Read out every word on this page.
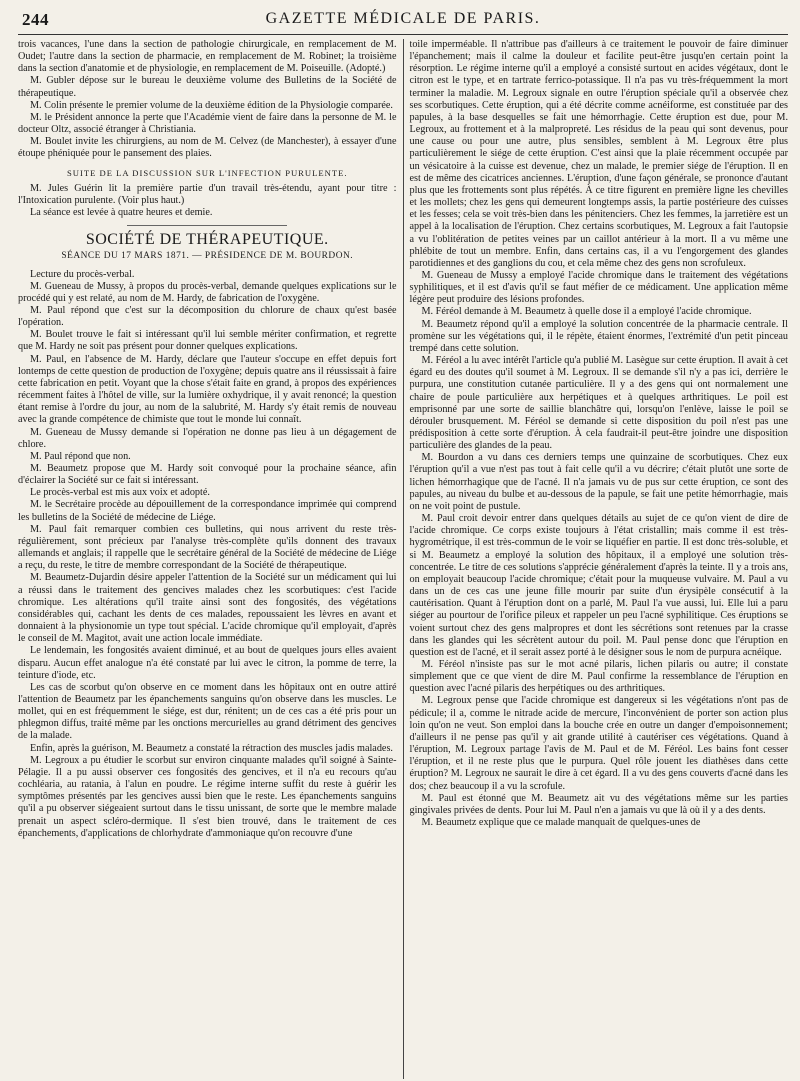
244	GAZETTE MÉDICALE DE PARIS.

trois vacances, l'une dans la section de pathologie chirurgicale, en remplacement de M. Oudet; l'autre dans la section de pharmacie, en remplacement de M. Robinet; la troisième dans la section d'anatomie et de physiologie, en remplacement de M. Poiseuille. (Adopté.)

M. Gubler dépose sur le bureau le deuxième volume des Bulletins de la Société de thérapeutique.

M. Colin présente le premier volume de la deuxième édition de la Physiologie comparée.

M. le Président annonce la perte que l'Académie vient de faire dans la personne de M. le docteur Oltz, associé étranger à Christiania.

M. Boulet invite les chirurgiens, au nom de M. Celvez (de Manchester), à essayer d'une étoupe phéniquée pour le pansement des plaies.

SUITE DE LA DISCUSSION SUR L'INFECTION PURULENTE.

M. Jules Guérin lit la première partie d'un travail très-étendu, ayant pour titre : l'Intoxication purulente. (Voir plus haut.)

La séance est levée à quatre heures et demie.

SOCIÉTÉ DE THÉRAPEUTIQUE.
SÉANCE DU 17 MARS 1871. — PRÉSIDENCE DE M. BOURDON.

Lecture du procès-verbal.

M. Gueneau de Mussy, à propos du procès-verbal, demande quelques explications sur le procédé qui y est relaté, au nom de M. Hardy, de fabrication de l'oxygène.

M. Paul répond que c'est sur la décomposition du chlorure de chaux qu'est basée l'opération.

M. Boulet trouve le fait si intéressant qu'il lui semble mériter confirmation, et regrette que M. Hardy ne soit pas présent pour donner quelques explications.

M. Paul, en l'absence de M. Hardy, déclare que l'auteur s'occupe en effet depuis fort lontemps de cette question de production de l'oxygène; depuis quatre ans il réussissait à faire cette fabrication en petit. Voyant que la chose s'était faite en grand, à propos des expériences récemment faites à l'hôtel de ville, sur la lumière oxhydrique, il y avait renoncé; la question étant remise à l'ordre du jour, au nom de la salubrité, M. Hardy s'y était remis de nouveau avec la grande compétence de chimiste que tout le monde lui connaît.

M. Gueneau de Mussy demande si l'opération ne donne pas lieu à un dégagement de chlore.

M. Paul répond que non.

M. Beaumetz propose que M. Hardy soit convoqué pour la prochaine séance, afin d'éclairer la Société sur ce fait si intéressant.

Le procès-verbal est mis aux voix et adopté.

M. le Secrétaire procède au dépouillement de la correspondance imprimée qui comprend les bulletins de la Société de médecine de Liége.

M. Paul fait remarquer combien ces bulletins, qui nous arrivent du reste très-régulièrement, sont précieux par l'analyse très-complète qu'ils donnent des travaux allemands et anglais; il rappelle que le secrétaire général de la Société de médecine de Liége a reçu, du reste, le titre de membre correspondant de la Société de thérapeutique.

M. Beaumetz-Dujardin désire appeler l'attention de la Société sur un médicament qui lui a réussi dans le traitement des gencives malades chez les scorbutiques: c'est l'acide chromique. Les altérations qu'il traite ainsi sont des fongosités, des végétations considérables qui, cachant les dents de ces malades, repoussaient les lèvres en avant et donnaient à la physionomie un type tout spécial. L'acide chromique qu'il employait, d'après le conseil de M. Magitot, avait une action locale immédiate.

Le lendemain, les fongosités avaient diminué, et au bout de quelques jours elles avaient disparu. Aucun effet analogue n'a été constaté par lui avec le citron, la pomme de terre, la teinture d'iode, etc.

Les cas de scorbut qu'on observe en ce moment dans les hôpitaux ont en outre attiré l'attention de Beaumetz par les épanchements sanguins qu'on observe dans les muscles. Le mollet, qui en est fréquemment le siége, est dur, rénitent; un de ces cas a été pris pour un phlegmon diffus, traité même par les onctions mercurielles au grand détriment des gencives de la malade.

Enfin, après la guérison, M. Beaumetz a constaté la rétraction des muscles jadis malades.

M. Legroux a pu étudier le scorbut sur environ cinquante malades qu'il soigné à Sainte-Pélagie. Il a pu aussi observer ces fongosités des gencives, et il n'a eu recours qu'au cochléaria, au ratania, à l'alun en poudre. Le régime interne suffit du reste à guérir les symptômes présentés par les gencives aussi bien que le reste. Les épanchements sanguins qu'il a pu observer siégeaient surtout dans le tissu unissant, de sorte que le membre malade prenait un aspect scléro-dermique. Il s'est bien trouvé, dans le traitement de ces épanchements, d'applications de chlorhydrate d'ammoniaque qu'on recouvre d'une

toile imperméable. Il n'attribue pas d'ailleurs à ce traitement le pouvoir de faire diminuer l'épanchement; mais il calme la douleur et facilite peut-être jusqu'en certain point la résorption. Le régime interne qu'il a employé a consisté surtout en acides végétaux, dont le citron est le type, et en tartrate ferrico-potassique. Il n'a pas vu très-fréquemment la mort terminer la maladie. M. Legroux signale en outre l'éruption spéciale qu'il a observée chez ses scorbutiques. Cette éruption, qui a été décrite comme acnéiforme, est constituée par des papules, à la base desquelles se fait une hémorrhagie. Cette éruption est due, pour M. Legroux, au frottement et à la malpropreté. Les résidus de la peau qui sont devenus, pour une cause ou pour une autre, plus sensibles, semblent à M. Legroux être plus particulièrement le siége de cette éruption. C'est ainsi que la plaie récemment occupée par un vésicatoire à la cuisse est devenue, chez un malade, le premier siége de l'éruption. Il en est de même des cicatrices anciennes. L'éruption, d'une façon générale, se prononce d'autant plus que les frottements sont plus répétés. À ce titre figurent en première ligne les chevilles et les mollets; chez les gens qui demeurent longtemps assis, la partie postérieure des cuisses et les fesses; cela se voit très-bien dans les pénitenciers. Chez les femmes, la jarretière est un appel à la localisation de l'éruption. Chez certains scorbutiques, M. Legroux a fait l'autopsie a vu l'oblitération de petites veines par un caillot antérieur à la mort. Il a vu même une phlébite de tout un membre. Enfin, dans certains cas, il a vu l'engorgement des glandes parotidiennes et des ganglions du cou, et cela même chez des gens non scrofuleux.

M. Gueneau de Mussy a employé l'acide chromique dans le traitement des végétations syphilitiques, et il est d'avis qu'il se faut méfier de ce médicament. Une application même légère peut produire des lésions profondes.

M. Féréol demande à M. Beaumetz à quelle dose il a employé l'acide chromique.

M. Beaumetz répond qu'il a employé la solution concentrée de la pharmacie centrale. Il promène sur les végétations qui, il le répète, étaient énormes, l'extrémité d'un petit pinceau trempé dans cette solution.

M. Féréol a lu avec intérêt l'article qu'a publié M. Lasègue sur cette éruption. Il avait à cet égard eu des doutes qu'il soumet à M. Legroux. Il se demande s'il n'y a pas ici, derrière le purpura, une constitution cutanée particulière. Il y a des gens qui ont normalement une chaire de poule particulière aux herpétiques et à quelques arthritiques. Le poil est emprisonné par une sorte de saillie blanchâtre qui, lorsqu'on l'enlève, laisse le poil se dérouler brusquement. M. Féréol se demande si cette disposition du poil n'est pas une prédisposition à cette sorte d'éruption. À cela faudrait-il peut-être joindre une disposition particulière des glandes de la peau.

M. Bourdon a vu dans ces derniers temps une quinzaine de scorbutiques. Chez eux l'éruption qu'il a vue n'est pas tout à fait celle qu'il a vu décrire; c'était plutôt une sorte de lichen hémorrhagique que de l'acné. Il n'a jamais vu de pus sur cette éruption, ce sont des papules, au niveau du bulbe et au-dessous de la papule, se fait une petite hémorrhagie, mais on ne voit point de pustule.

M. Paul croit devoir entrer dans quelques détails au sujet de ce qu'on vient de dire de l'acide chromique. Ce corps existe toujours à l'état cristallin; mais comme il est très-hygrométrique, il est très-commun de le voir se liquéfier en partie. Il est donc très-soluble, et si M. Beaumetz a employé la solution des hôpitaux, il a employé une solution très-concentrée. Le titre de ces solutions s'apprécie généralement d'après la teinte. Il y a trois ans, on employait beaucoup l'acide chromique; c'était pour la muqueuse vulvaire. M. Paul a vu dans un de ces cas une jeune fille mourir par suite d'un érysipèle consécutif à la cautérisation. Quant à l'éruption dont on a parlé, M. Paul l'a vue aussi, lui. Elle lui a paru siéger au pourtour de l'orifice pileux et rappeler un peu l'acné syphilitique. Ces éruptions se voient surtout chez des gens malpropres et dont les sécrétions sont retenues par la crasse dans les glandes qui les sécrètent autour du poil. M. Paul pense donc que l'éruption en question est de l'acné, et il serait assez porté à le désigner sous le nom de purpura acnéique.

M. Féréol n'insiste pas sur le mot acné pilaris, lichen pilaris ou autre; il constate simplement que ce que vient de dire M. Paul confirme la ressemblance de l'éruption en question avec l'acné pilaris des herpétiques ou des arthritiques.

M. Legroux pense que l'acide chromique est dangereux si les végétations n'ont pas de pédicule; il a, comme le nitrade acide de mercure, l'inconvénient de porter son action plus loin qu'on ne veut. Son emploi dans la bouche crée en outre un danger d'empoisonnement; d'ailleurs il ne pense pas qu'il y ait grande utilité à cautériser ces végétations. Quand à l'éruption, M. Legroux partage l'avis de M. Paul et de M. Féréol. Les bains font cesser l'éruption, et il ne reste plus que le purpura. Quel rôle jouent les diathèses dans cette éruption? M. Legroux ne saurait le dire à cet égard. Il a vu des gens couverts d'acné dans les dos; chez beaucoup il a vu la scrofule.

M. Paul est étonné que M. Beaumetz ait vu des végétations même sur les parties gingivales privées de dents. Pour lui M. Paul n'en a jamais vu que là où il y a des dents.

M. Beaumetz explique que ce malade manquait de quelques-unes de
